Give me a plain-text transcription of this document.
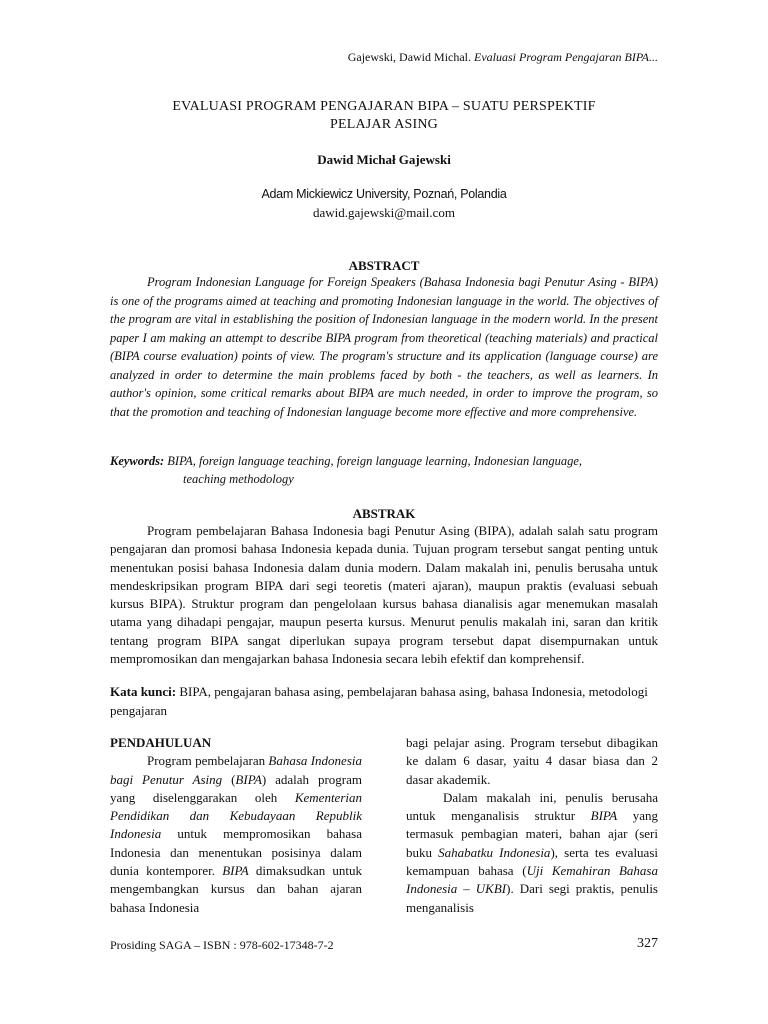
Gajewski, Dawid Michal. Evaluasi Program Pengajaran BIPA...
EVALUASI PROGRAM PENGAJARAN BIPA – SUATU PERSPEKTIF
PELAJAR ASING
Dawid Michał Gajewski
Adam Mickiewicz University, Poznań, Polandia
dawid.gajewski@mail.com
ABSTRACT

Program Indonesian Language for Foreign Speakers (Bahasa Indonesia bagi Penutur Asing - BIPA) is one of the programs aimed at teaching and promoting Indonesian language in the world. The objectives of the program are vital in establishing the position of Indonesian language in the modern world. In the present paper I am making an attempt to describe BIPA program from theoretical (teaching materials) and practical (BIPA course evaluation) points of view. The program's structure and its application (language course) are analyzed in order to determine the main problems faced by both - the teachers, as well as learners. In author's opinion, some critical remarks about BIPA are much needed, in order to improve the program, so that the promotion and teaching of Indonesian language become more effective and more comprehensive.

Keywords: BIPA, foreign language teaching, foreign language learning, Indonesian language,
teaching methodology
ABSTRAK

Program pembelajaran Bahasa Indonesia bagi Penutur Asing (BIPA), adalah salah satu program pengajaran dan promosi bahasa Indonesia kepada dunia. Tujuan program tersebut sangat penting untuk menentukan posisi bahasa Indonesia dalam dunia modern. Dalam makalah ini, penulis berusaha untuk mendeskripsikan program BIPA dari segi teoretis (materi ajaran), maupun praktis (evaluasi sebuah kursus BIPA). Struktur program dan pengelolaan kursus bahasa dianalisis agar menemukan masalah utama yang dihadapi pengajar, maupun peserta kursus. Menurut penulis makalah ini, saran dan kritik tentang program BIPA sangat diperlukan supaya program tersebut dapat disempurnakan untuk mempromosikan dan mengajarkan bahasa Indonesia secara lebih efektif dan komprehensif.

Kata kunci: BIPA, pengajaran bahasa asing, pembelajaran bahasa asing, bahasa Indonesia, metodologi pengajaran
PENDAHULUAN

Program pembelajaran Bahasa Indonesia bagi Penutur Asing (BIPA) adalah program yang diselenggarakan oleh Kementerian Pendidikan dan Kebudayaan Republik Indonesia untuk mempromosikan bahasa Indonesia dan menentukan posisinya dalam dunia kontemporer. BIPA dimaksudkan untuk mengembangkan kursus dan bahan ajaran bahasa Indonesia

bagi pelajar asing. Program tersebut dibagikan ke dalam 6 dasar, yaitu 4 dasar biasa dan 2 dasar akademik.

Dalam makalah ini, penulis berusaha untuk menganalisis struktur BIPA yang termasuk pembagian materi, bahan ajar (seri buku Sahabatku Indonesia), serta tes evaluasi kemampuan bahasa (Uji Kemahiran Bahasa Indonesia – UKBI). Dari segi praktis, penulis menganalisis

Prosiding SAGA – ISBN : 978-602-17348-7-2	327
